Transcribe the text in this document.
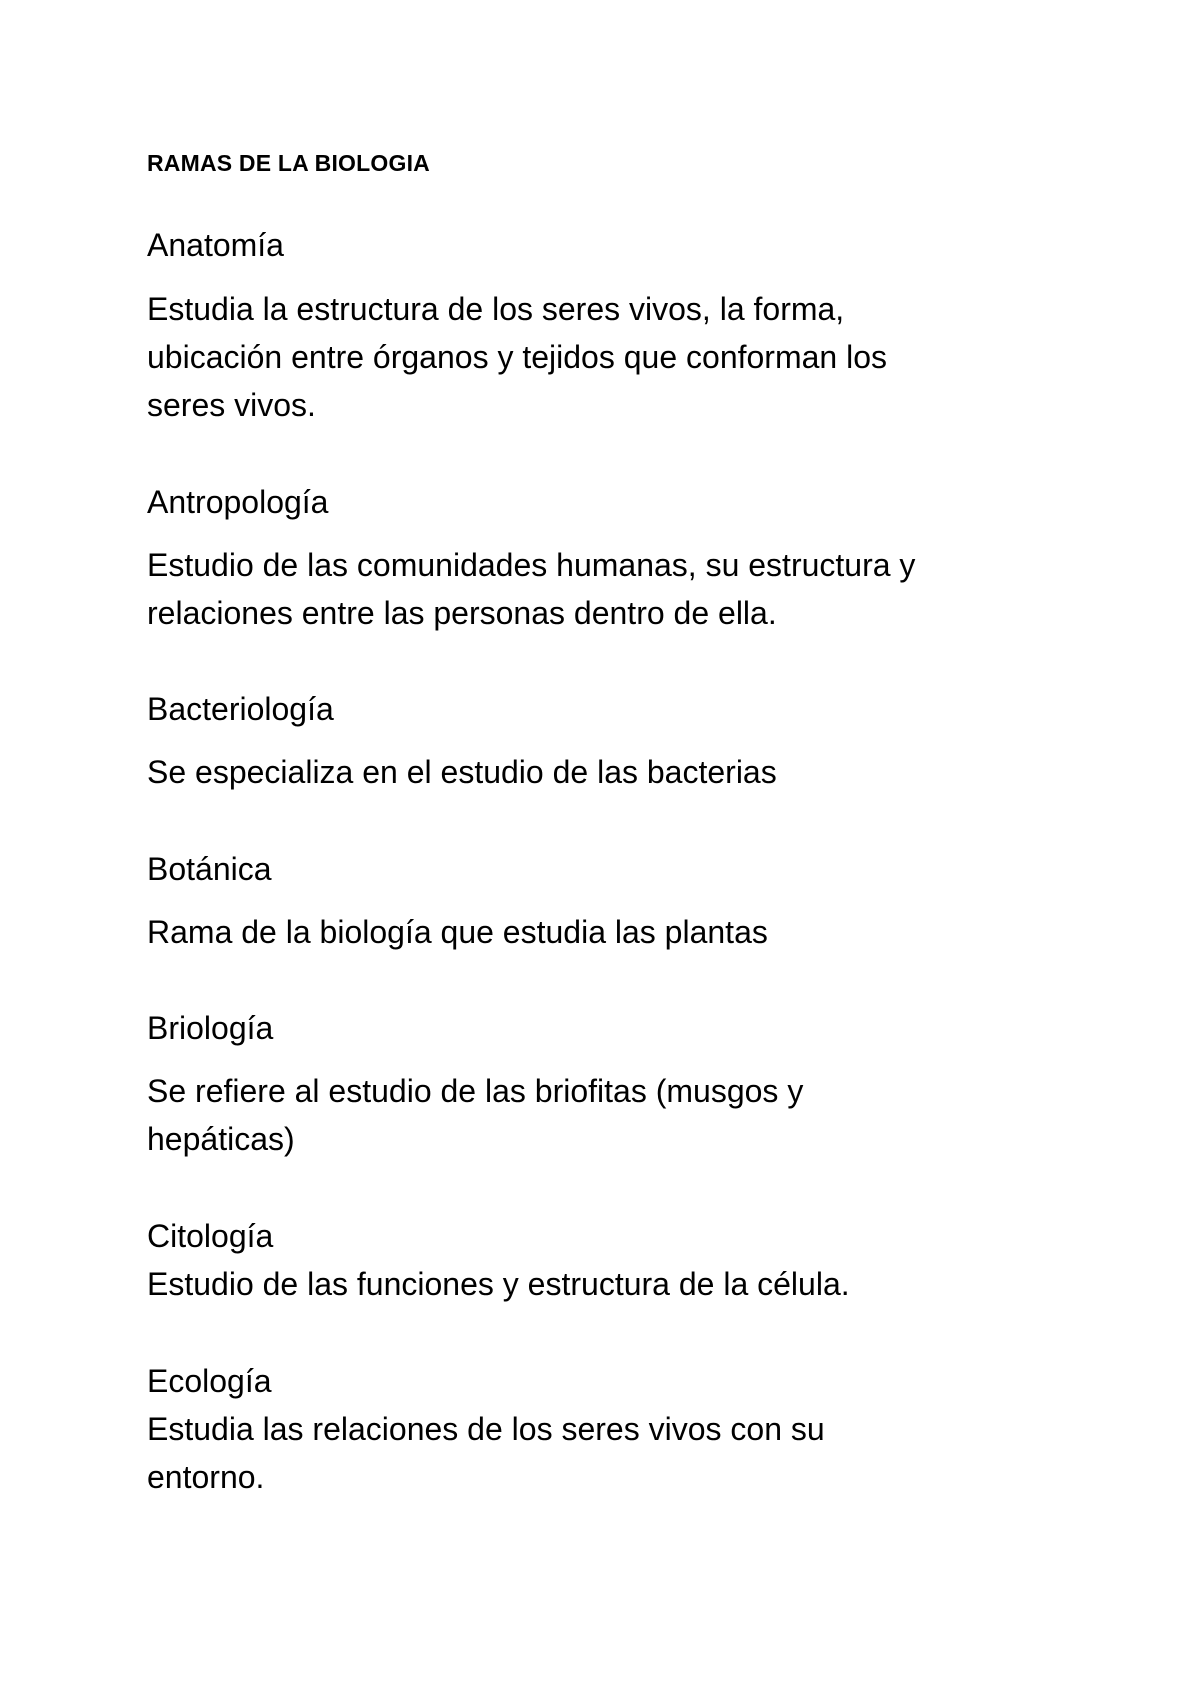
RAMAS DE LA BIOLOGIA
Anatomía

Estudia la estructura de los seres vivos, la forma, ubicación entre órganos y tejidos que conforman los seres vivos.

Antropología

Estudio de las comunidades humanas, su estructura y relaciones entre las personas dentro de ella.

Bacteriología

Se especializa en el estudio de las bacterias

Botánica

Rama de la biología que estudia las plantas

Briología

Se refiere al estudio de las briofitas (musgos y hepáticas)

Citología

Estudio de las funciones y estructura de la célula.

Ecología

Estudia las relaciones de los seres vivos con su entorno.
